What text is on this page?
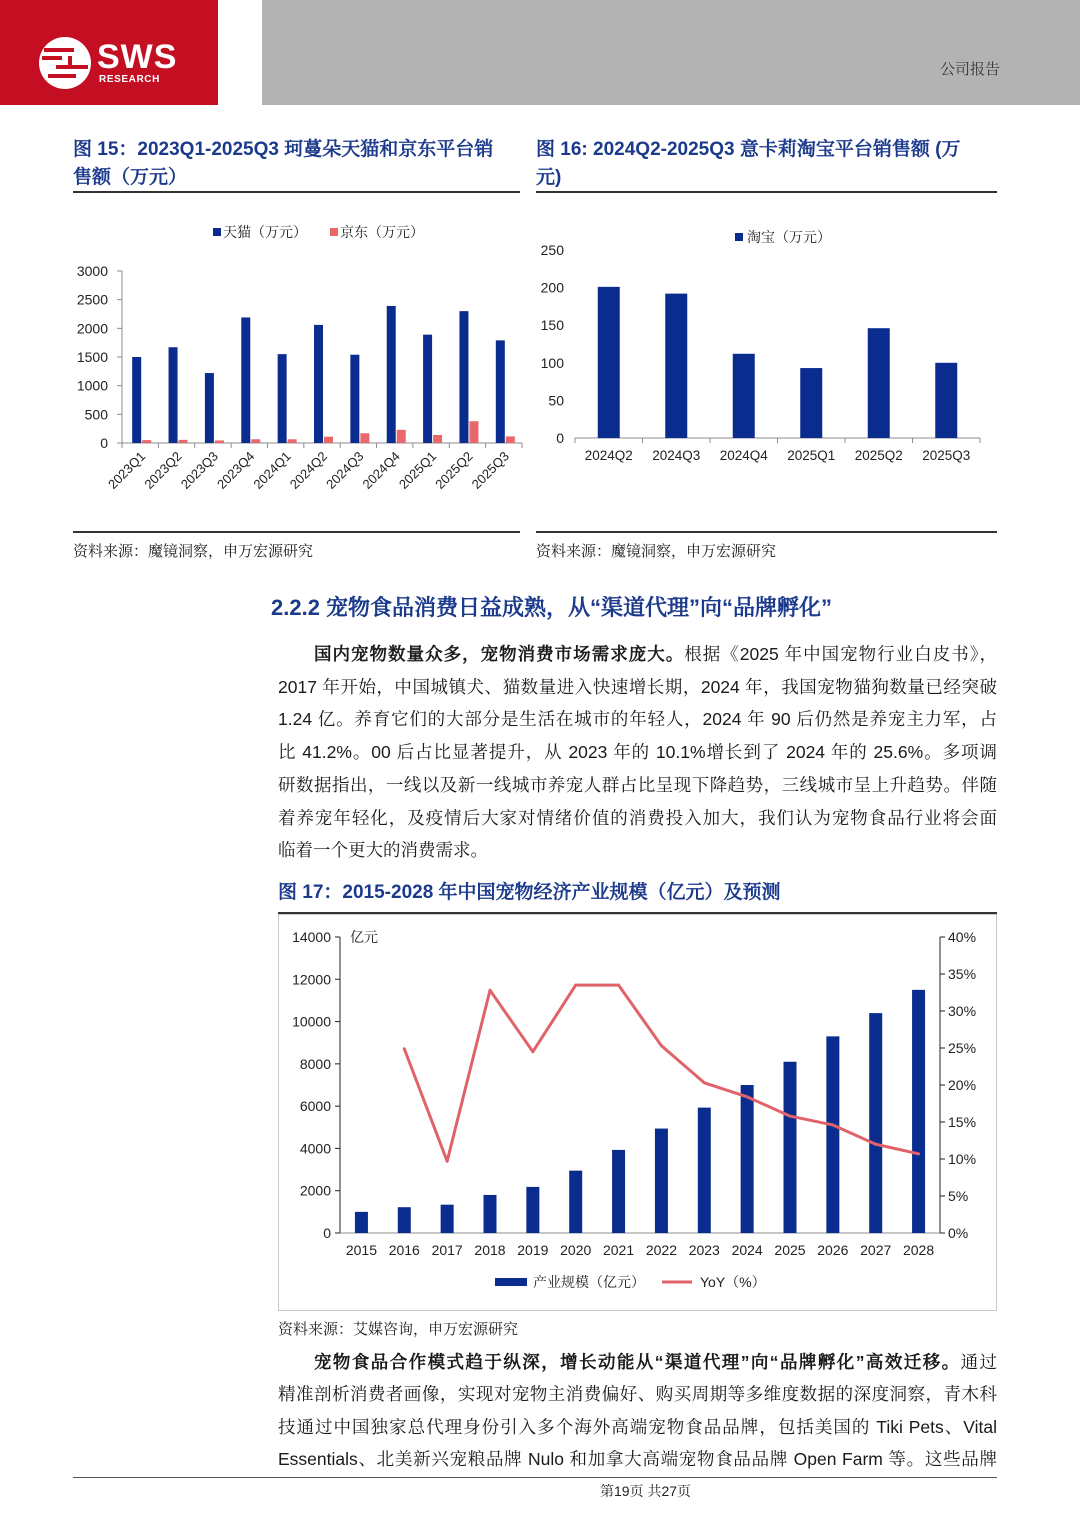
SWS
RESEARCH
公司报告
图 15：2023Q1-2025Q3 珂蔓朵天猫和京东平台销
售额（万元）
图 16: 2024Q2-2025Q3 意卡莉淘宝平台销售额 (万
元)
0
500
1000
1500
2000
2500
3000
2023Q1
2023Q2
2023Q3
2023Q4
2024Q1
2024Q2
2024Q3
2024Q4
2025Q1
2025Q2
2025Q3
天猫（万元） 京东（万元）
0
50
100
150
200
250
2024Q2 2024Q3 2024Q4 2025Q1 2025Q2 2025Q3
淘宝（万元）
资料来源：魔镜洞察，申万宏源研究	资料来源：魔镜洞察，申万宏源研究
2.2.2 宠物食品消费日益成熟，从“渠道代理”向“品牌孵化”
国内宠物数量众多，宠物消费市场需求庞大。根据《2025 年中国宠物行业白皮书》，
2017 年开始，中国城镇犬、猫数量进入快速增长期，2024 年，我国宠物猫狗数量已经突破
1.24 亿。养育它们的大部分是生活在城市的年轻人，2024 年 90 后仍然是养宠主力军，占
比 41.2%。00 后占比显著提升，从 2023 年的 10.1%增长到了 2024 年的 25.6%。多项调
研数据指出，一线以及新一线城市养宠人群占比呈现下降趋势，三线城市呈上升趋势。伴随
着养宠年轻化，及疫情后大家对情绪价值的消费投入加大，我们认为宠物食品行业将会面
临着一个更大的消费需求。
图 17：2015-2028 年中国宠物经济产业规模（亿元）及预测
0
2000
4000
6000
8000
10000
12000
14000
0%
5%
10%
15%
20%
25%
30%
35%
40%
亿元
2015 2016 2017 2018 2019 2020 2021 2022 2023 2024 2025 2026 2027 2028
产业规模（亿元）	YoY（%）
资料来源：艾媒咨询，申万宏源研究
宠物食品合作模式趋于纵深，增长动能从“渠道代理”向“品牌孵化”高效迁移。通过
精准剖析消费者画像，实现对宠物主消费偏好、购买周期等多维度数据的深度洞察，青木科
技通过中国独家总代理身份引入多个海外高端宠物食品品牌，包括美国的 Tiki Pets、Vital
Essentials、北美新兴宠粮品牌 Nulo 和加拿大高端宠物食品品牌 Open Farm 等。这些品牌
第19页 共27页
